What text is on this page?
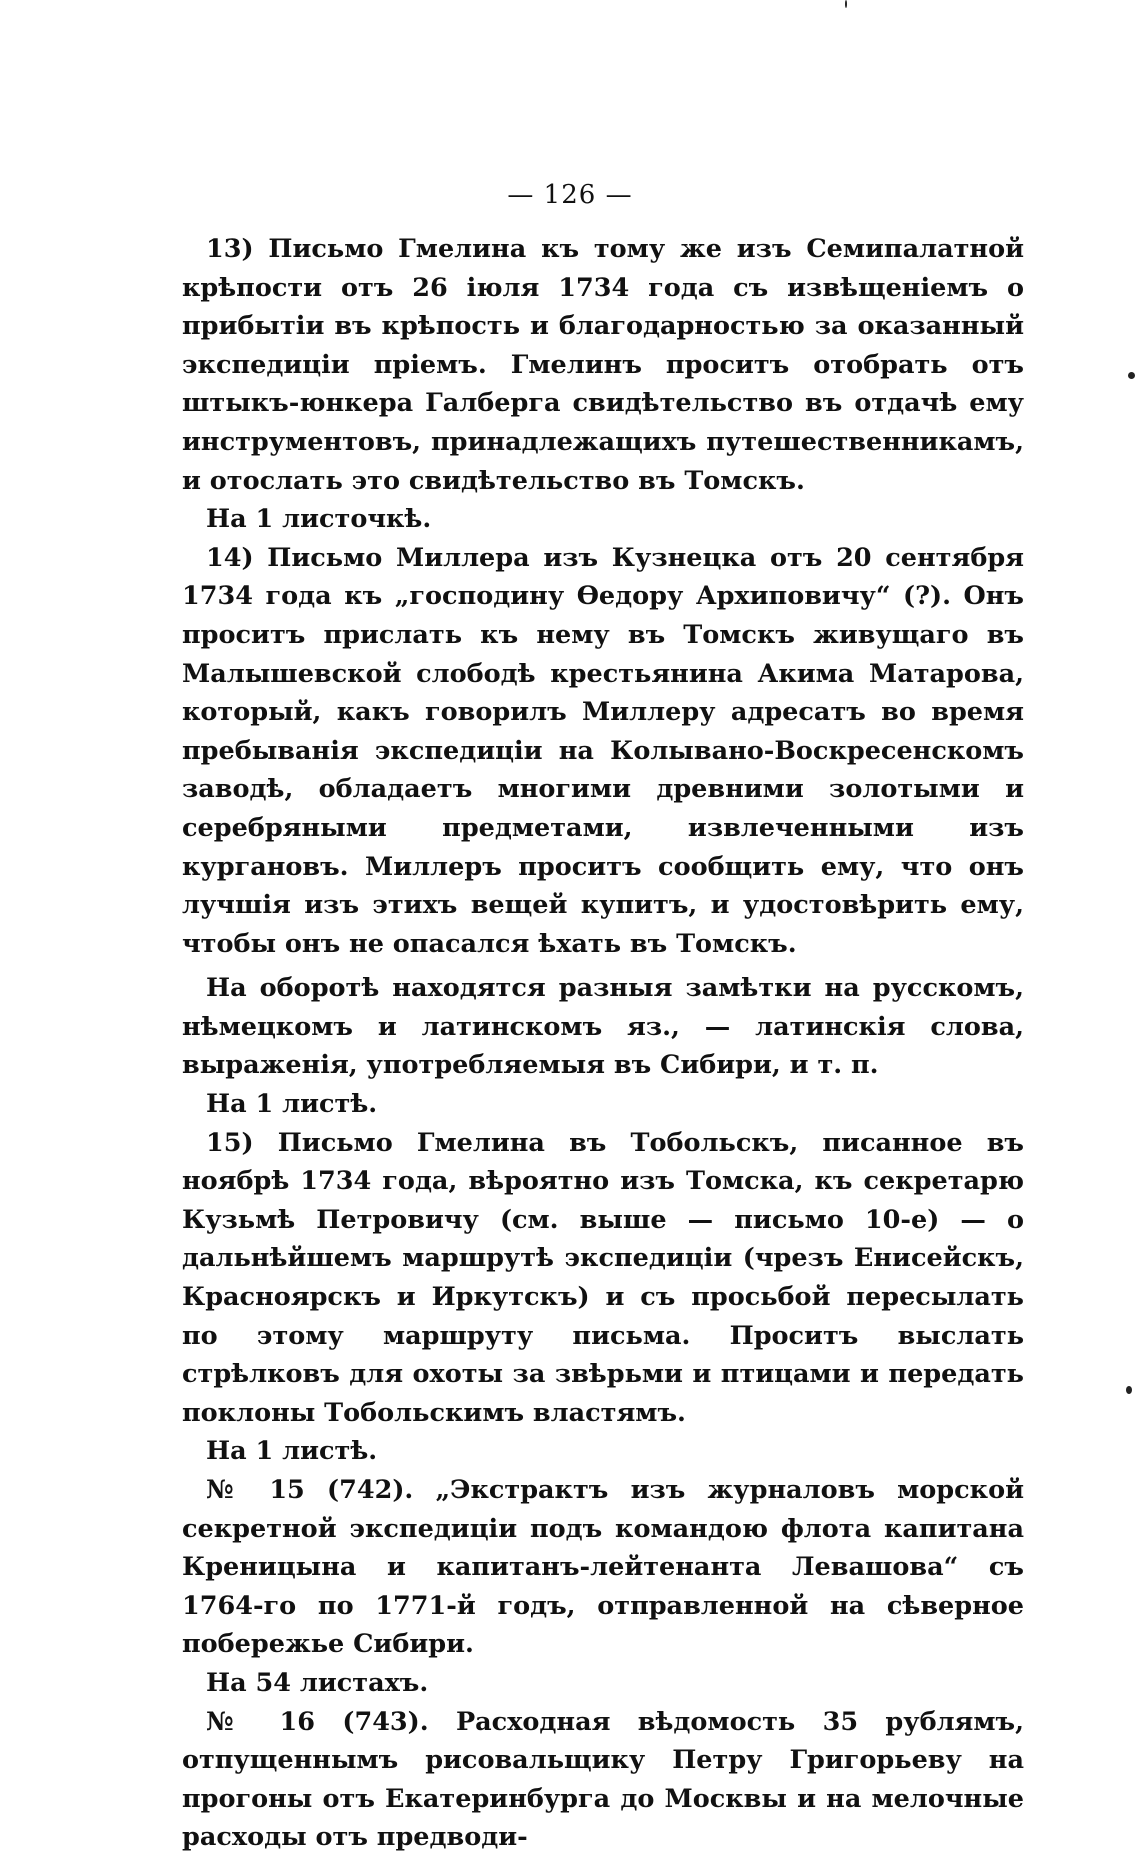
— 126 —

13) Письмо Гмелина къ тому же изъ Семипалатной крѣпости отъ 26 іюля 1734 года съ извѣщеніемъ о прибытіи въ крѣпость и благодарностью за оказанный экспедиціи пріемъ. Гмелинъ проситъ отобрать отъ штыкъ-юнкера Галберга свидѣтельство въ отдачѣ ему инструментовъ, принадлежащихъ путешественникамъ, и отослать это свидѣтельство въ Томскъ.

На 1 листочкѣ.

14) Письмо Миллера изъ Кузнецка отъ 20 сентября 1734 года къ „господину Ѳедору Архиповичу“ (?). Онъ проситъ прислать къ нему въ Томскъ живущаго въ Малышевской слободѣ крестьянина Акима Матарова, который, какъ говорилъ Миллеру адресатъ во время пребыванія экспедиціи на Колывано-Воскресенскомъ заводѣ, обладаетъ многими древними золотыми и серебряными предметами, извлеченными изъ кургановъ. Миллеръ проситъ сообщить ему, что онъ лучшія изъ этихъ вещей купитъ, и удостовѣрить ему, чтобы онъ не опасался ѣхать въ Томскъ.

На оборотѣ находятся разныя замѣтки на русскомъ, нѣмецкомъ и латинскомъ яз., — латинскія слова, выраженія, употребляемыя въ Сибири, и т. п.

На 1 листѣ.

15) Письмо Гмелина въ Тобольскъ, писанное въ ноябрѣ 1734 года, вѣроятно изъ Томска, къ секретарю Кузьмѣ Петровичу (см. выше — письмо 10-е) — о дальнѣйшемъ маршрутѣ экспедиціи (чрезъ Енисейскъ, Красноярскъ и Иркутскъ) и съ просьбой пересылать по этому маршруту письма. Проситъ выслать стрѣлковъ для охоты за звѣрьми и птицами и передать поклоны Тобольскимъ властямъ.

На 1 листѣ.

№ 15 (742). „Экстрактъ изъ журналовъ морской секретной экспедиціи подъ командою флота капитана Креницына и капитанъ-лейтенанта Левашова“ съ 1764-го по 1771-й годъ, отправленной на сѣверное побережье Сибири.

На 54 листахъ.

№ 16 (743). Расходная вѣдомость 35 рублямъ, отпущеннымъ рисовальщику Петру Григорьеву на прогоны отъ Екатеринбурга до Москвы и на мелочные расходы отъ предводи-
